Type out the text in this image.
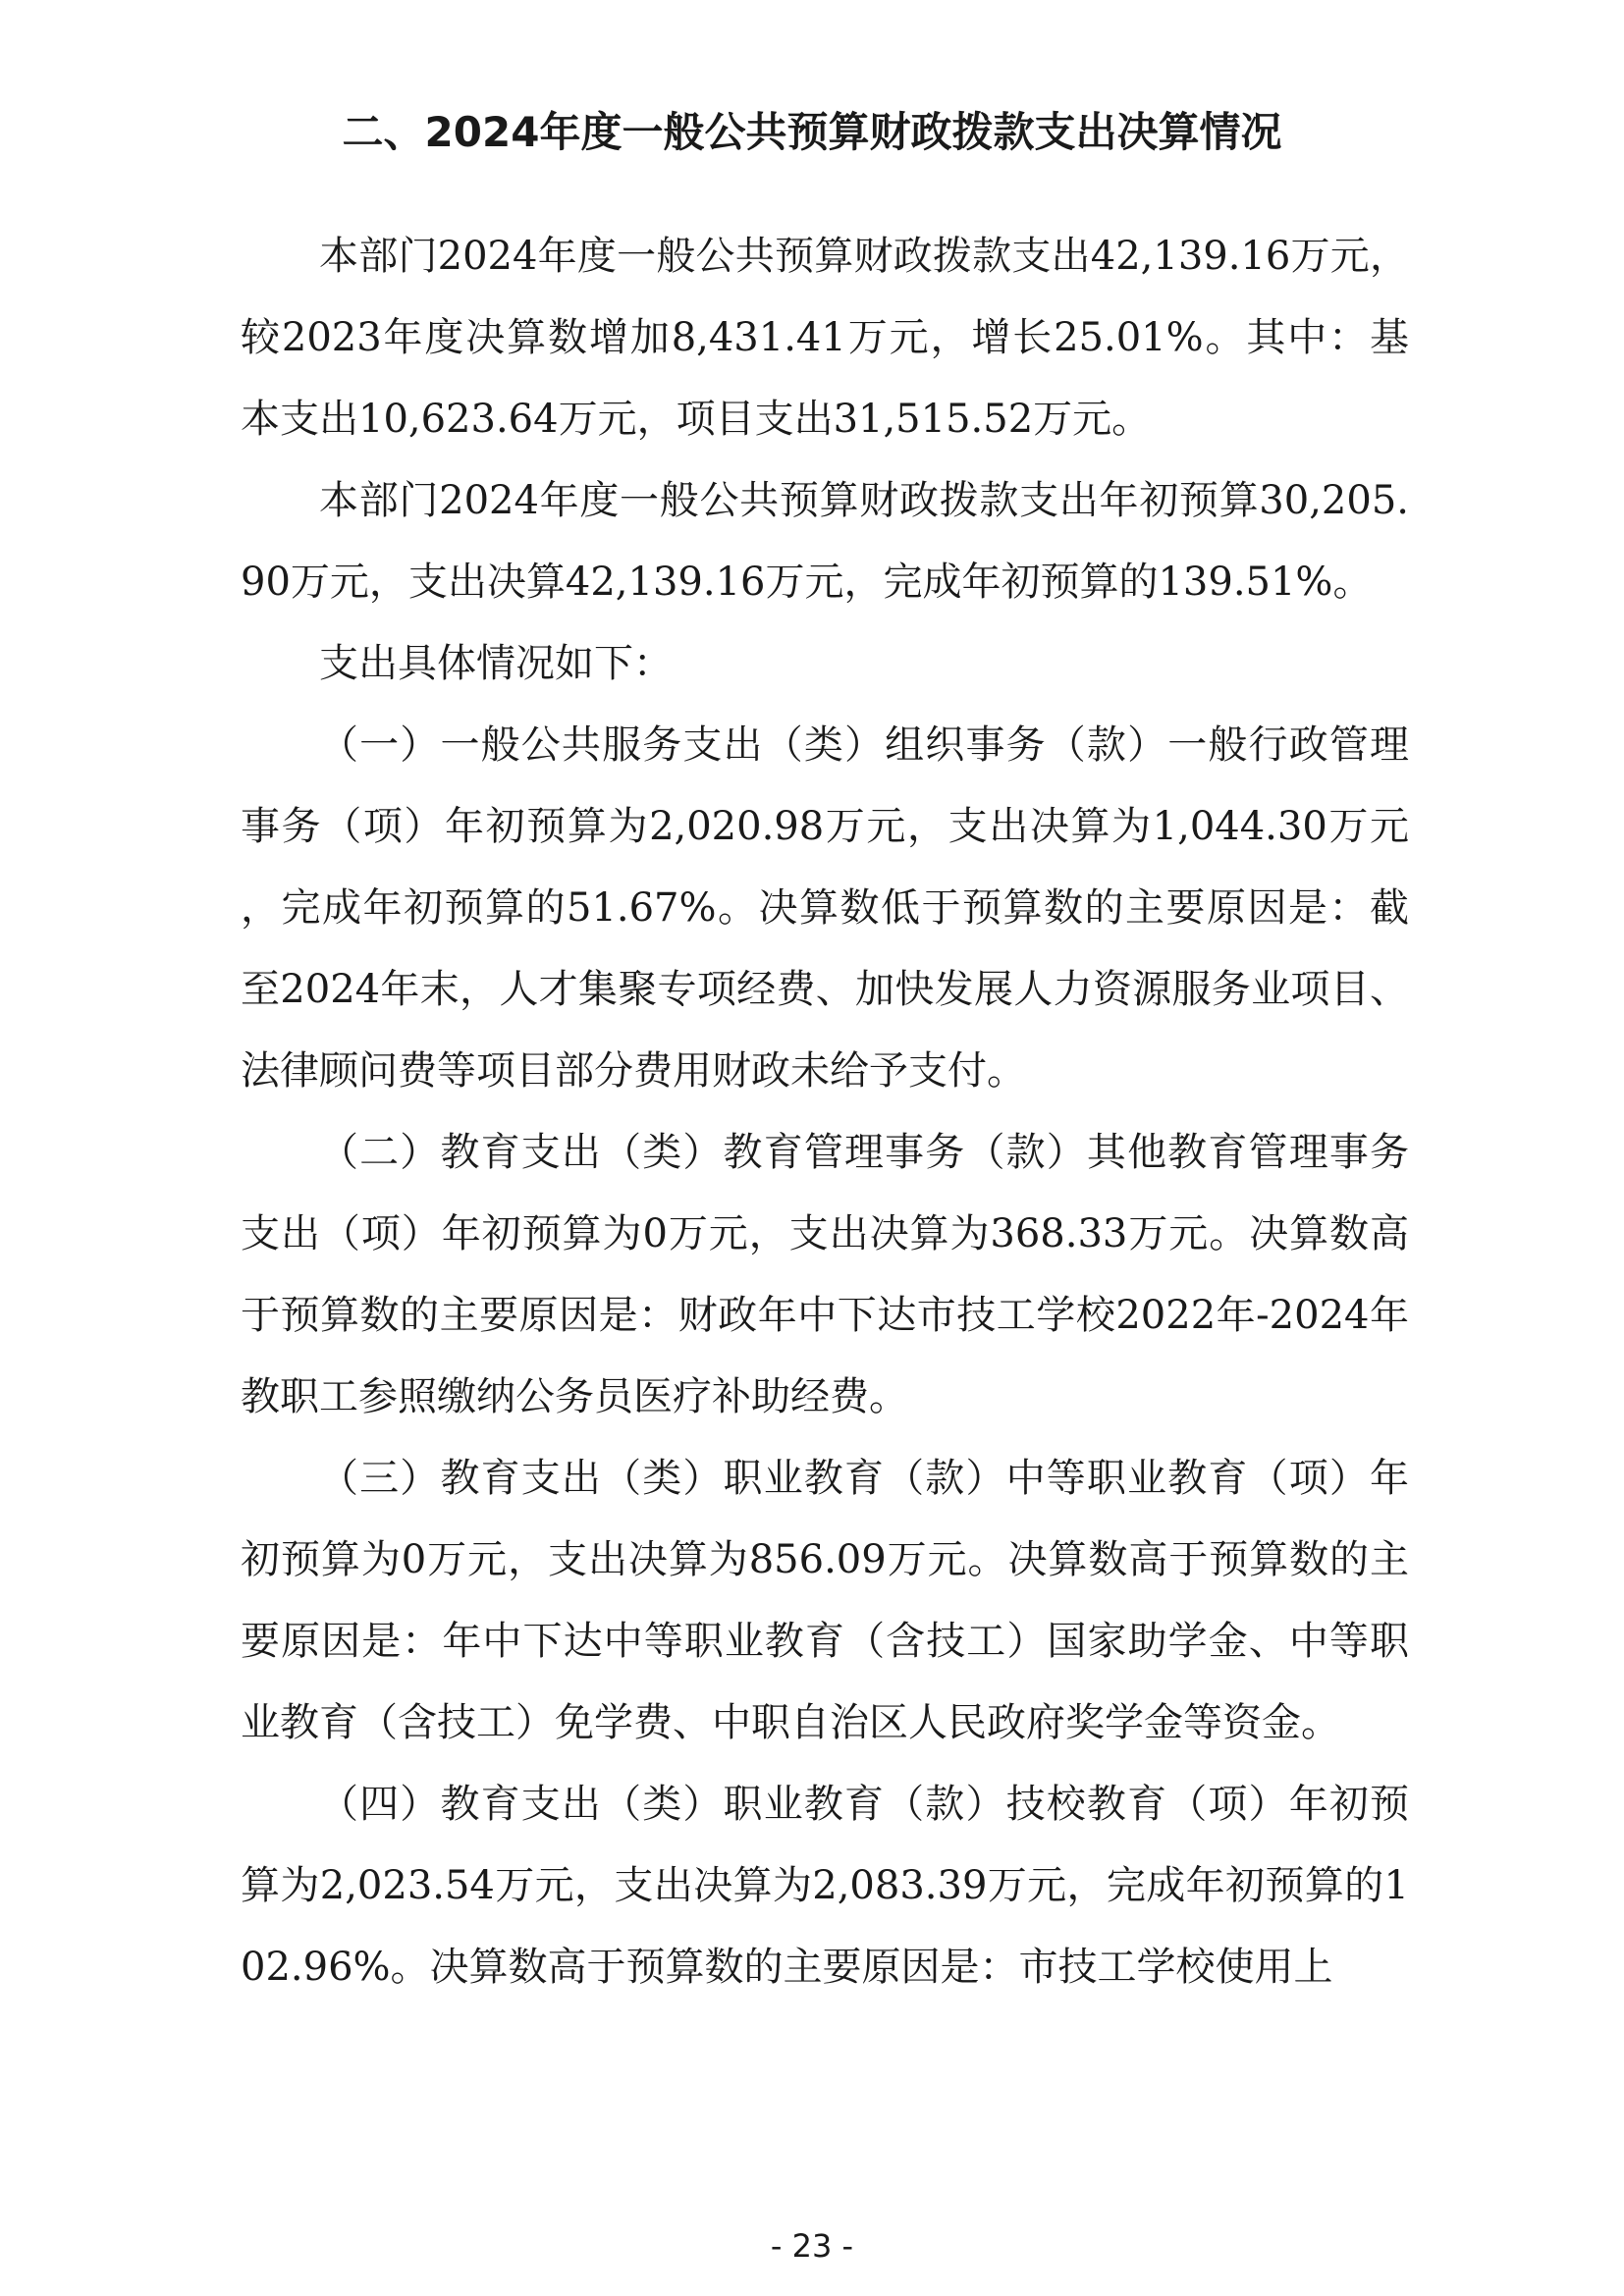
二、2024年度一般公共预算财政拨款支出决算情况

本部门2024年度一般公共预算财政拨款支出42,139.16万元，较2023年度决算数增加8,431.41万元，增长25.01%。其中：基本支出10,623.64万元，项目支出31,515.52万元。

本部门2024年度一般公共预算财政拨款支出年初预算30,205.90万元，支出决算42,139.16万元，完成年初预算的139.51%。

支出具体情况如下：

（一）一般公共服务支出（类）组织事务（款）一般行政管理事务（项）年初预算为2,020.98万元，支出决算为1,044.30万元，完成年初预算的51.67%。决算数低于预算数的主要原因是：截至2024年末，人才集聚专项经费、加快发展人力资源服务业项目、法律顾问费等项目部分费用财政未给予支付。

（二）教育支出（类）教育管理事务（款）其他教育管理事务支出（项）年初预算为0万元，支出决算为368.33万元。决算数高于预算数的主要原因是：财政年中下达市技工学校2022年-2024年教职工参照缴纳公务员医疗补助经费。

（三）教育支出（类）职业教育（款）中等职业教育（项）年初预算为0万元，支出决算为856.09万元。决算数高于预算数的主要原因是：年中下达中等职业教育（含技工）国家助学金、中等职业教育（含技工）免学费、中职自治区人民政府奖学金等资金。

（四）教育支出（类）职业教育（款）技校教育（项）年初预算为2,023.54万元，支出决算为2,083.39万元，完成年初预算的102.96%。决算数高于预算数的主要原因是：市技工学校使用上

- 23 -
